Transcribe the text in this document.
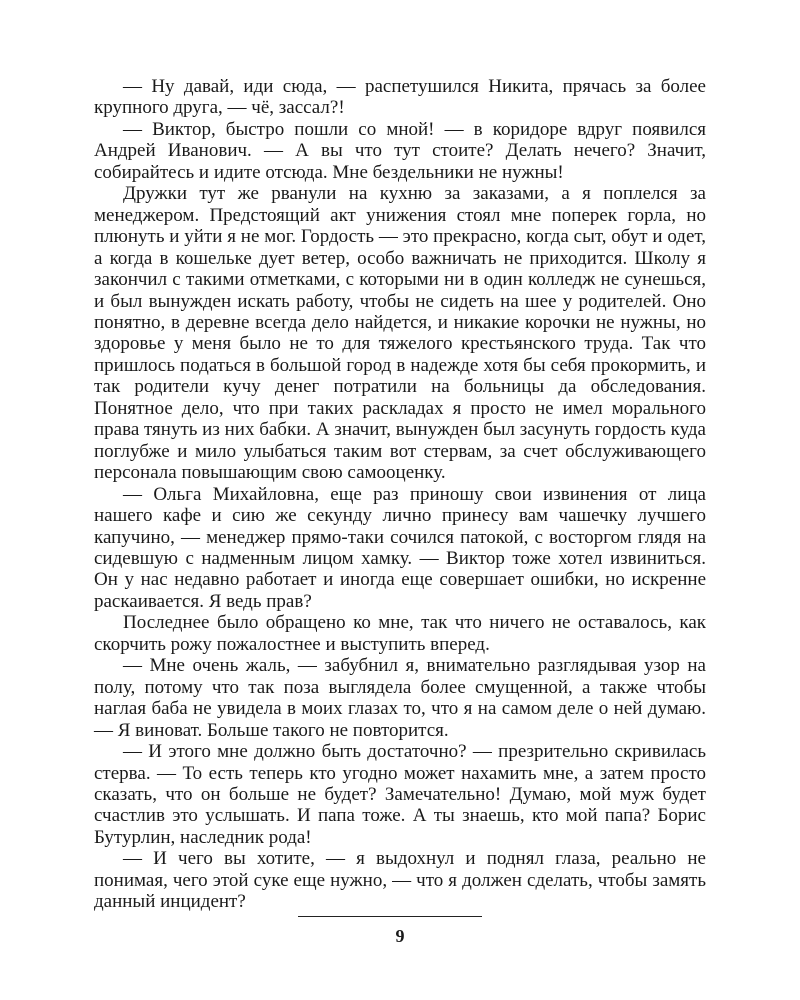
— Ну давай, иди сюда, — распетушился Никита, прячась за более крупного друга, — чё, зассал?!

— Виктор, быстро пошли со мной! — в коридоре вдруг появился Андрей Иванович. — А вы что тут стоите? Делать нечего? Значит, собирайтесь и идите отсюда. Мне бездельники не нужны!

Дружки тут же рванули на кухню за заказами, а я поплелся за менеджером. Предстоящий акт унижения стоял мне поперек горла, но плюнуть и уйти я не мог. Гордость — это прекрасно, когда сыт, обут и одет, а когда в кошельке дует ветер, особо важничать не приходится. Школу я закончил с такими отметками, с которыми ни в один колледж не сунешься, и был вынужден искать работу, чтобы не сидеть на шее у родителей. Оно понятно, в деревне всегда дело найдется, и никакие корочки не нужны, но здоровье у меня было не то для тяжелого крестьянского труда. Так что пришлось податься в большой город в надежде хотя бы себя прокормить, и так родители кучу денег потратили на больницы да обследования. Понятное дело, что при таких раскладах я просто не имел морального права тянуть из них бабки. А значит, вынужден был засунуть гордость куда поглубже и мило улыбаться таким вот стервам, за счет обслуживающего персонала повышающим свою самооценку.

— Ольга Михайловна, еще раз приношу свои извинения от лица нашего кафе и сию же секунду лично принесу вам чашечку лучшего капучино, — менеджер прямо-таки сочился патокой, с восторгом глядя на сидевшую с надменным лицом хамку. — Виктор тоже хотел извиниться. Он у нас недавно работает и иногда еще совершает ошибки, но искренне раскаивается. Я ведь прав?

Последнее было обращено ко мне, так что ничего не оставалось, как скорчить рожу пожалостнее и выступить вперед.

— Мне очень жаль, — забубнил я, внимательно разглядывая узор на полу, потому что так поза выглядела более смущенной, а также чтобы наглая баба не увидела в моих глазах то, что я на самом деле о ней думаю. — Я виноват. Больше такого не повторится.

— И этого мне должно быть достаточно? — презрительно скривилась стерва. — То есть теперь кто угодно может нахамить мне, а затем просто сказать, что он больше не будет? Замечательно! Думаю, мой муж будет счастлив это услышать. И папа тоже. А ты знаешь, кто мой папа? Борис Бутурлин, наследник рода!

— И чего вы хотите, — я выдохнул и поднял глаза, реально не понимая, чего этой суке еще нужно, — что я должен сделать, чтобы замять данный инцидент?

9
